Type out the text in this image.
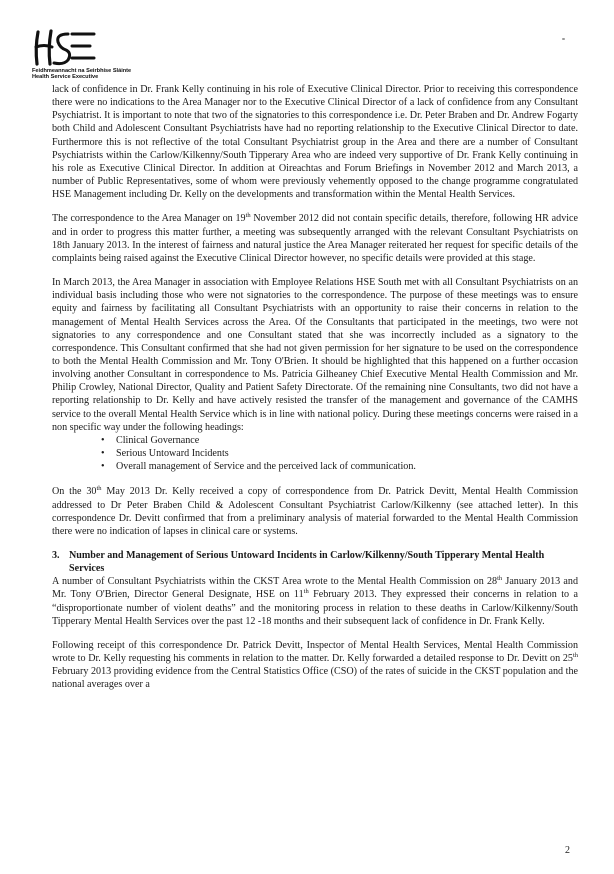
Feidhmeannacht na Seirbhíse Sláinte
Health Service Executive

lack of confidence in Dr. Frank Kelly continuing in his role of Executive Clinical Director. Prior to receiving this correspondence there were no indications to the Area Manager nor to the Executive Clinical Director of a lack of confidence from any Consultant Psychiatrist. It is important to note that two of the signatories to this correspondence i.e. Dr. Peter Braben and Dr. Andrew Fogarty both Child and Adolescent Consultant Psychiatrists have had no reporting relationship to the Executive Clinical Director to date. Furthermore this is not reflective of the total Consultant Psychiatrist group in the Area and there are a number of Consultant Psychiatrists within the Carlow/Kilkenny/South Tipperary Area who are indeed very supportive of Dr. Frank Kelly continuing in his role as Executive Clinical Director. In addition at Oireachtas and Forum Briefings in November 2012 and March 2013, a number of Public Representatives, some of whom were previously vehemently opposed to the change programme congratulated HSE Management including Dr. Kelly on the developments and transformation within the Mental Health Services.

The correspondence to the Area Manager on 19th November 2012 did not contain specific details, therefore, following HR advice and in order to progress this matter further, a meeting was subsequently arranged with the relevant Consultant Psychiatrists on 18th January 2013. In the interest of fairness and natural justice the Area Manager reiterated her request for specific details of the complaints being raised against the Executive Clinical Director however, no specific details were provided at this stage.

In March 2013, the Area Manager in association with Employee Relations HSE South met with all Consultant Psychiatrists on an individual basis including those who were not signatories to the correspondence. The purpose of these meetings was to ensure equity and fairness by facilitating all Consultant Psychiatrists with an opportunity to raise their concerns in relation to the management of Mental Health Services across the Area. Of the Consultants that participated in the meetings, two were not signatories to any correspondence and one Consultant stated that she was incorrectly included as a signatory to the correspondence. This Consultant confirmed that she had not given permission for her signature to be used on the correspondence to both the Mental Health Commission and Mr. Tony O'Brien. It should be highlighted that this happened on a further occasion involving another Consultant in correspondence to Ms. Patricia Gilheaney Chief Executive Mental Health Commission and Mr. Philip Crowley, National Director, Quality and Patient Safety Directorate. Of the remaining nine Consultants, two did not have a reporting relationship to Dr. Kelly and have actively resisted the transfer of the management and governance of the CAMHS service to the overall Mental Health Service which is in line with national policy. During these meetings concerns were raised in a non specific way under the following headings:

• Clinical Governance
• Serious Untoward Incidents
• Overall management of Service and the perceived lack of communication.

On the 30th May 2013 Dr. Kelly received a copy of correspondence from Dr. Patrick Devitt, Mental Health Commission addressed to Dr Peter Braben Child & Adolescent Consultant Psychiatrist Carlow/Kilkenny (see attached letter). In this correspondence Dr. Devitt confirmed that from a preliminary analysis of material forwarded to the Mental Health Commission there were no indication of lapses in clinical care or systems.

3. Number and Management of Serious Untoward Incidents in Carlow/Kilkenny/South Tipperary Mental Health Services

A number of Consultant Psychiatrists within the CKST Area wrote to the Mental Health Commission on 28th January 2013 and Mr. Tony O'Brien, Director General Designate, HSE on 11th February 2013. They expressed their concerns in relation to a “disproportionate number of violent deaths” and the monitoring process in relation to these deaths in Carlow/Kilkenny/South Tipperary Mental Health Services over the past 12 -18 months and their subsequent lack of confidence in Dr. Frank Kelly.

Following receipt of this correspondence Dr. Patrick Devitt, Inspector of Mental Health Services, Mental Health Commission wrote to Dr. Kelly requesting his comments in relation to the matter. Dr. Kelly forwarded a detailed response to Dr. Devitt on 25th February 2013 providing evidence from the Central Statistics Office (CSO) of the rates of suicide in the CKST population and the national averages over a

2
